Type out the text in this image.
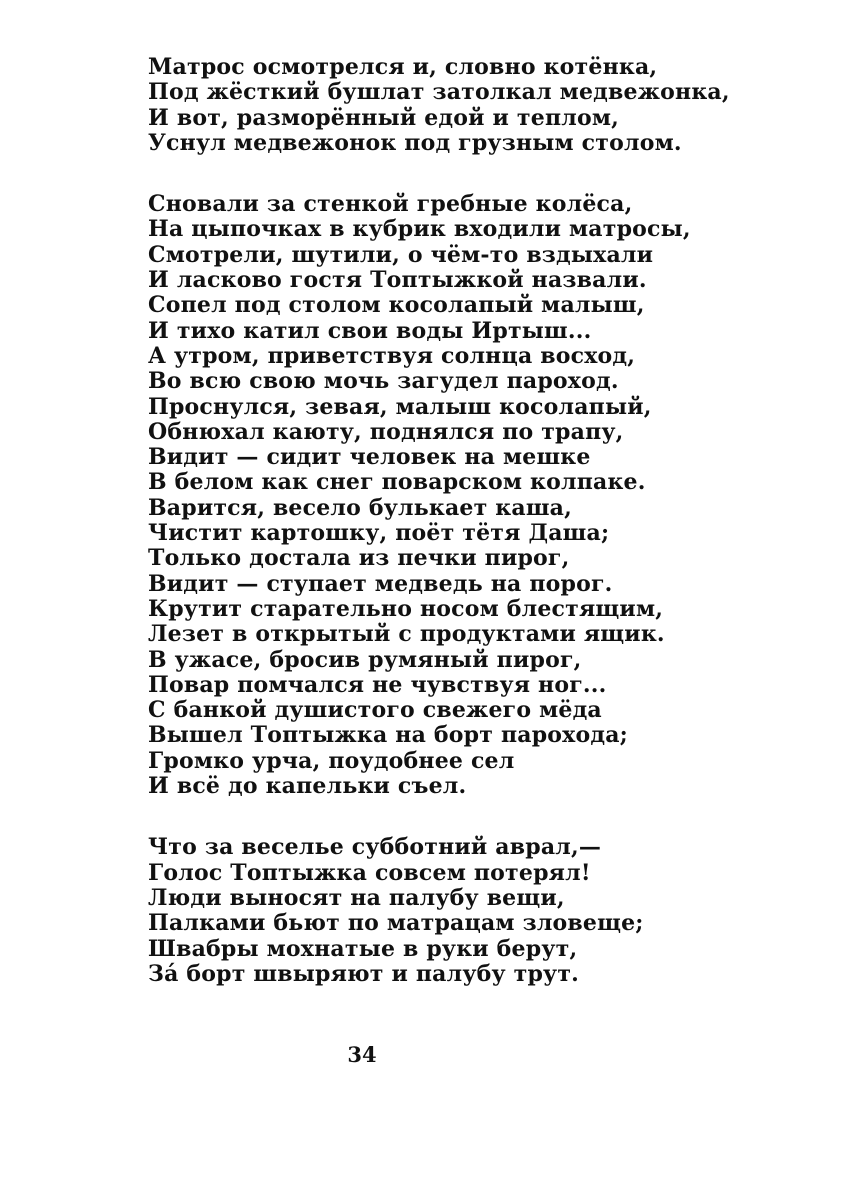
Матрос осмотрелся и, словно котёнка,
Под жёсткий бушлат затолкал медвежонка,
И вот, разморённый едой и теплом,
Уснул медвежонок под грузным столом.
Сновали за стенкой гребные колёса,
На цыпочках в кубрик входили матросы,
Смотрели, шутили, о чём-то вздыхали
И ласково гостя Топтыжкой назвали.
Сопел под столом косолапый малыш,
И тихо катил свои воды Иртыш...
А утром, приветствуя солнца восход,
Во всю свою мочь загудел пароход.
Проснулся, зевая, малыш косолапый,
Обнюхал каюту, поднялся по трапу,
Видит — сидит человек на мешке
В белом как снег поварском колпаке.
Варится, весело булькает каша,
Чистит картошку, поёт тётя Даша;
Только достала из печки пирог,
Видит — ступает медведь на порог.
Крутит старательно носом блестящим,
Лезет в открытый с продуктами ящик.
В ужасе, бросив румяный пирог,
Повар помчался не чувствуя ног...
С банкой душистого свежего мёда
Вышел Топтыжка на борт парохода;
Громко урча, поудобнее сел
И всё до капельки съел.
Что за веселье субботний аврал,—
Голос Топтыжка совсем потерял!
Люди выносят на палубу вещи,
Палками бьют по матрацам зловеще;
Швабры мохнатые в руки берут,
За́ борт швыряют и палубу трут.
34
